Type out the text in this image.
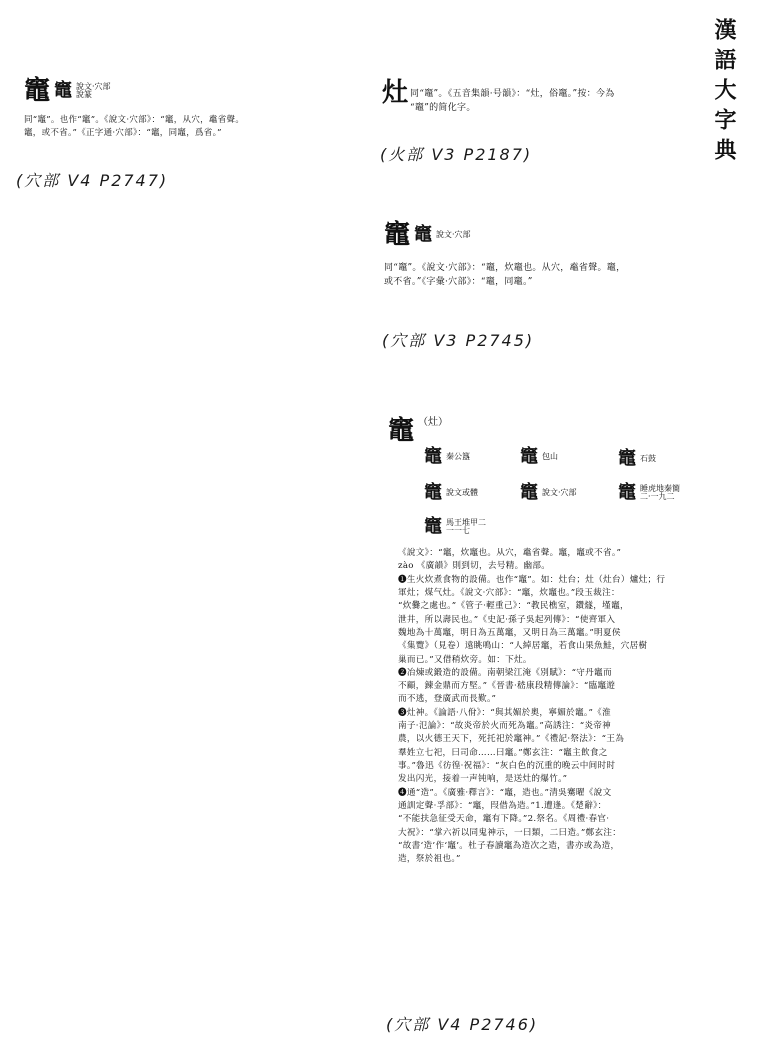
漢語大字典
竈 竈 說文·穴部
說篆
同“竈”。也作“竈”。《說文·穴部》：“竈，从穴，鼁省聲。
竈，或不省。”《正字通·穴部》：“竈，同竈，爲省。”
(穴部 V4 P2747)
灶 同“竈”。《五音集韻·号韻》：“灶，俗竈。”按：今為
“竈”的简化字。
(火部 V3 P2187)
竈 竈 說文·穴部
同“竈”。《說文·穴部》：“竈，炊竈也。从穴，鼁省聲。竈，
或不省。”《字彙·穴部》：“竈，同竈。”
(穴部 V3 P2745)
竈 （灶）
竈 秦公簋	竈 包山	竈 石鼓
竈 說文或體 竈 說文·穴部 竈 睡虎地秦簡
二·一九二
竈 馬王堆甲二
一一七
《說文》：“竈，炊竈也。从穴，鼁省聲。竈，竈或不省。”
zào 《廣韻》則到切，去号精。幽部。
❶生火炊煮食物的設備。也作“竈”。如：灶台；灶（灶台）爐灶；行
軍灶；煤气灶。《說文·穴部》：“竈，炊竈也。”段玉裁注：
“炊爨之處也。”《管子·輕重己》：“教民樵室，鑽燧，墐竈，
泄井，所以壽民也。”《史記·孫子吳起列傳》：“使齊軍入
魏地為十萬竈，明日為五萬竈，又明日為三萬竈。”明夏侯
《集覽》（見卷）遠眺鳴山：“人綽居竈，若食山果魚鮭，穴居樹
巢而已。”又借稍炊旁。如：下灶。
❷冶煉或鍛造的設備。南朝梁江淹《別賦》：“守丹竈而
不顧，鍊金鼎而方堅。”《晉書·嵇康段精傳論》：“臨竈遊
而不逃，登廣武而長歎。”
❸灶神。《論語·八佾》：“與其媚於奧，寧媚於竈。”《淮
南子·氾論》：“故炎帝於火而死為竈。”高誘注：“炎帝神
農，以火德王天下，死托祀於竈神。”《禮記·祭法》：“王為
羣姓立七祀，曰司命……曰竈。”鄭玄注：“竈主飲食之
事。”魯迅《彷徨·祝福》：“灰白色的沉重的晚云中间时时
发出闪光，接着一声钝响，是送灶的爆竹。”
❹通“造”。《廣雅·釋言》：“竈，造也。”清吳騫曜《說文
通訓定聲·孚部》：“竈，叚借為造。”1.遭逢。《楚辭》：
“不能扶急征受天命，竈有下降。”2.祭名。《周禮·春官·
大祝》：“掌六祈以同鬼神示，一曰類，二曰造。”鄭玄注：
“故書‘造’作‘竈’。杜子春讀竈為造次之造，書亦或為造，
造，祭於祖也。”
(穴部 V4 P2746)
